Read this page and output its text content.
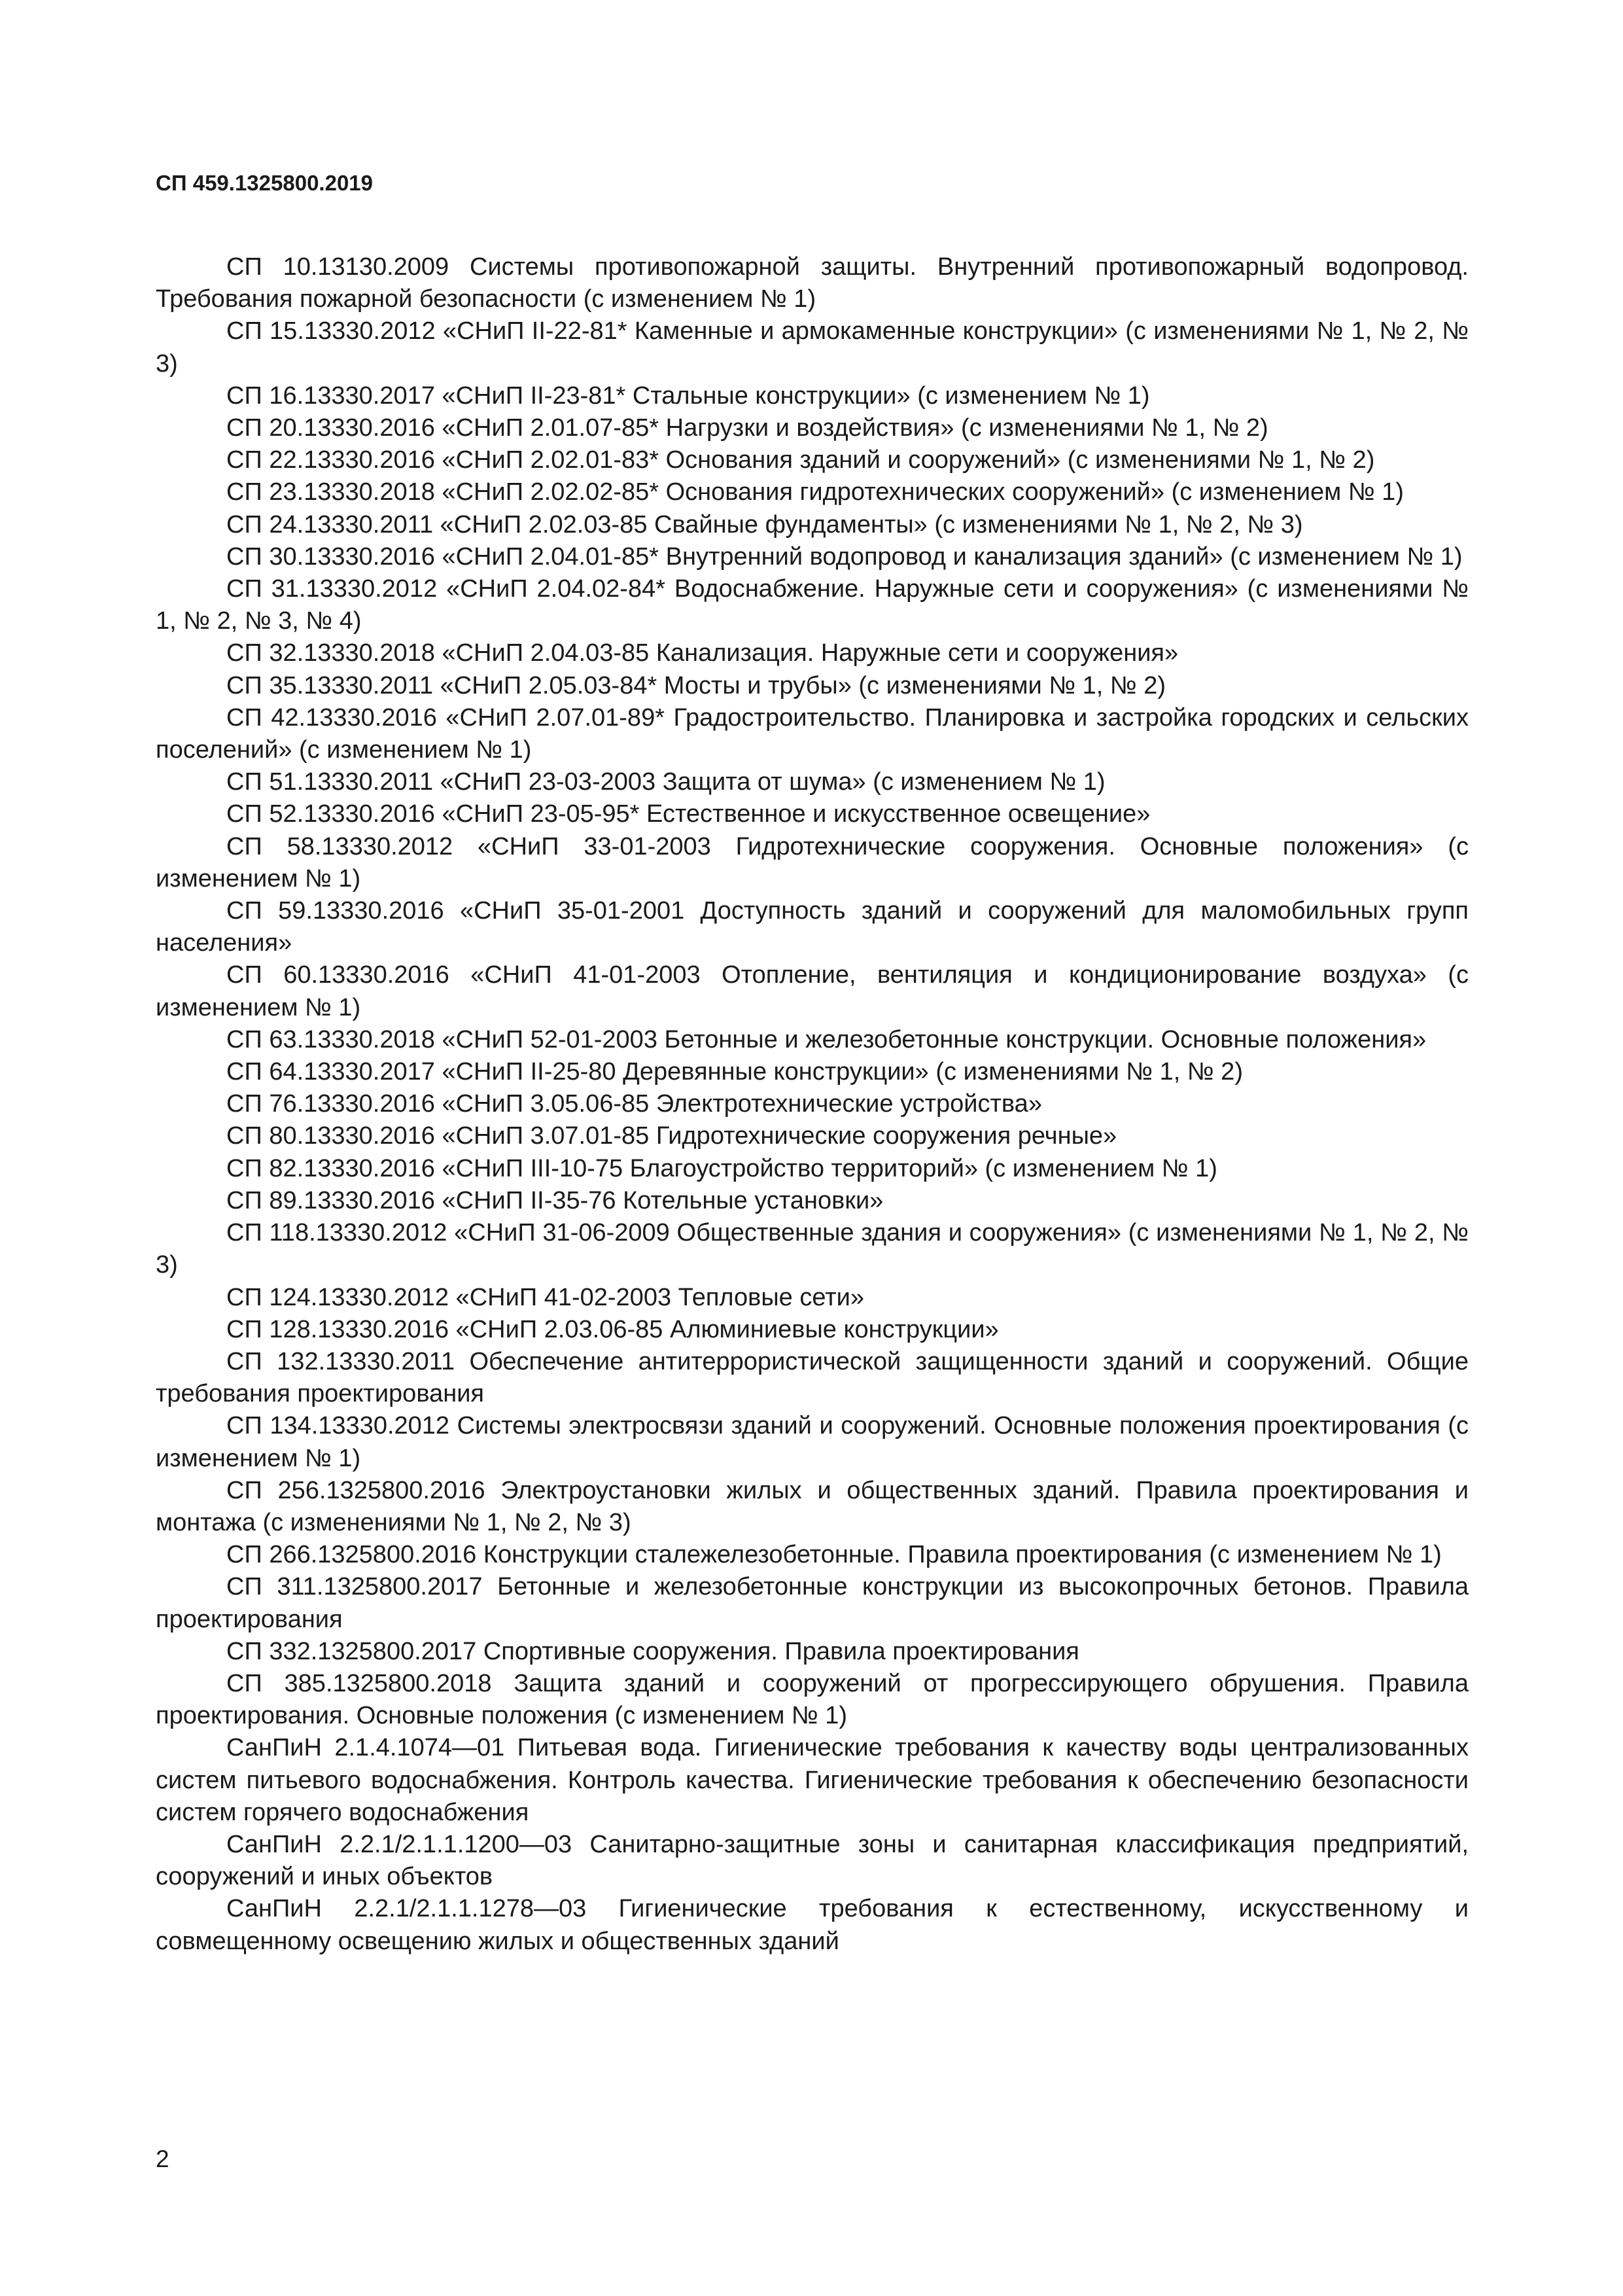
СП 459.1325800.2019

СП 10.13130.2009 Системы противопожарной защиты. Внутренний противопожарный водопровод. Требования пожарной безопасности (с изменением № 1)

СП 15.13330.2012 «СНиП II-22-81* Каменные и армокаменные конструкции» (с изменениями № 1, № 2, № 3)

СП 16.13330.2017 «СНиП II-23-81* Стальные конструкции» (с изменением № 1)

СП 20.13330.2016 «СНиП 2.01.07-85* Нагрузки и воздействия» (с изменениями № 1, № 2)

СП 22.13330.2016 «СНиП 2.02.01-83* Основания зданий и сооружений» (с изменениями № 1, № 2)

СП 23.13330.2018 «СНиП 2.02.02-85* Основания гидротехнических сооружений» (с изменением № 1)

СП 24.13330.2011 «СНиП 2.02.03-85 Свайные фундаменты» (с изменениями № 1, № 2, № 3)

СП 30.13330.2016 «СНиП 2.04.01-85* Внутренний водопровод и канализация зданий» (с изменением № 1)

СП 31.13330.2012 «СНиП 2.04.02-84* Водоснабжение. Наружные сети и сооружения» (с изменениями № 1, № 2, № 3, № 4)

СП 32.13330.2018 «СНиП 2.04.03-85 Канализация. Наружные сети и сооружения»

СП 35.13330.2011 «СНиП 2.05.03-84* Мосты и трубы» (с изменениями № 1, № 2)

СП 42.13330.2016 «СНиП 2.07.01-89* Градостроительство. Планировка и застройка городских и сельских поселений» (с изменением № 1)

СП 51.13330.2011 «СНиП 23-03-2003 Защита от шума» (с изменением № 1)

СП 52.13330.2016 «СНиП 23-05-95* Естественное и искусственное освещение»

СП 58.13330.2012 «СНиП 33-01-2003 Гидротехнические сооружения. Основные положения» (с изменением № 1)

СП 59.13330.2016 «СНиП 35-01-2001 Доступность зданий и сооружений для маломобильных групп населения»

СП 60.13330.2016 «СНиП 41-01-2003 Отопление, вентиляция и кондиционирование воздуха» (с изменением № 1)

СП 63.13330.2018 «СНиП 52-01-2003 Бетонные и железобетонные конструкции. Основные положения»

СП 64.13330.2017 «СНиП II-25-80 Деревянные конструкции» (с изменениями № 1, № 2)

СП 76.13330.2016 «СНиП 3.05.06-85 Электротехнические устройства»

СП 80.13330.2016 «СНиП 3.07.01-85 Гидротехнические сооружения речные»

СП 82.13330.2016 «СНиП III-10-75 Благоустройство территорий» (с изменением № 1)

СП 89.13330.2016 «СНиП II-35-76 Котельные установки»

СП 118.13330.2012 «СНиП 31-06-2009 Общественные здания и сооружения» (с изменениями № 1, № 2, № 3)

СП 124.13330.2012 «СНиП 41-02-2003 Тепловые сети»

СП 128.13330.2016 «СНиП 2.03.06-85 Алюминиевые конструкции»

СП 132.13330.2011 Обеспечение антитеррористической защищенности зданий и сооружений. Общие требования проектирования

СП 134.13330.2012 Системы электросвязи зданий и сооружений. Основные положения проектирования (с изменением № 1)

СП 256.1325800.2016 Электроустановки жилых и общественных зданий. Правила проектирования и монтажа (с изменениями № 1, № 2, № 3)

СП 266.1325800.2016 Конструкции сталежелезобетонные. Правила проектирования (с изменением № 1)

СП 311.1325800.2017 Бетонные и железобетонные конструкции из высокопрочных бетонов. Правила проектирования

СП 332.1325800.2017 Спортивные сооружения. Правила проектирования

СП 385.1325800.2018 Защита зданий и сооружений от прогрессирующего обрушения. Правила проектирования. Основные положения (с изменением № 1)

СанПиН 2.1.4.1074—01 Питьевая вода. Гигиенические требования к качеству воды централизованных систем питьевого водоснабжения. Контроль качества. Гигиенические требования к обеспечению безопасности систем горячего водоснабжения

СанПиН 2.2.1/2.1.1.1200—03 Санитарно-защитные зоны и санитарная классификация предприятий, сооружений и иных объектов

СанПиН 2.2.1/2.1.1.1278—03 Гигиенические требования к естественному, искусственному и совмещенному освещению жилых и общественных зданий

2
